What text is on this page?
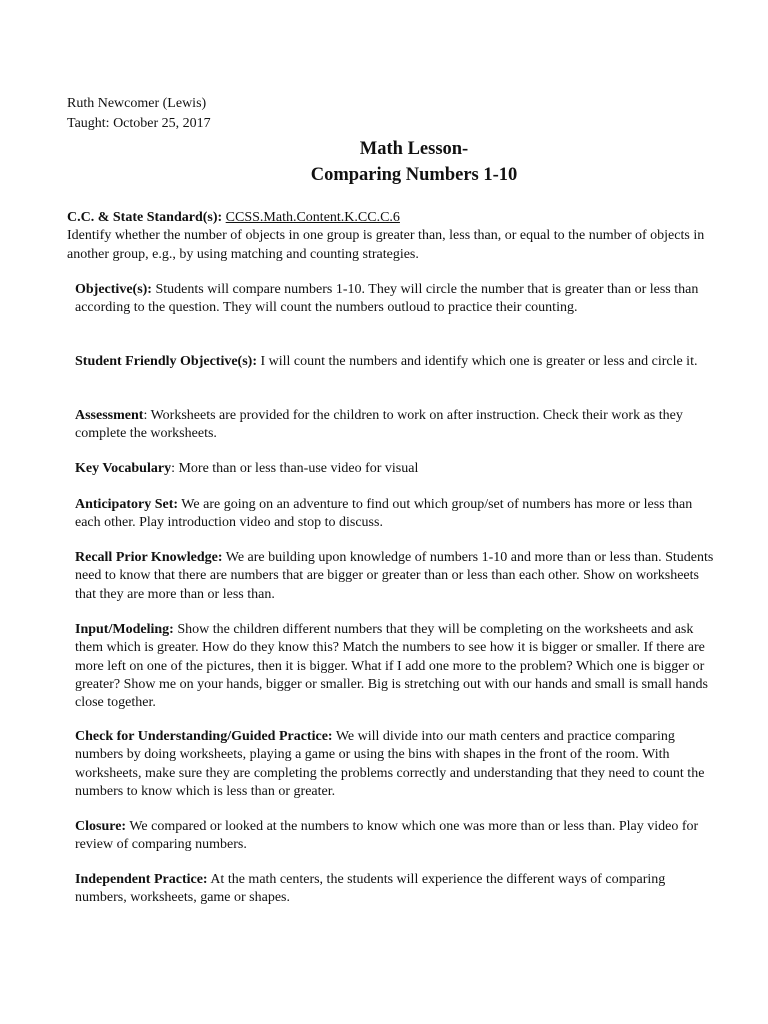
Ruth Newcomer (Lewis)
Taught: October 25, 2017
Math Lesson-
Comparing Numbers 1-10
C.C. & State Standard(s): CCSS.Math.Content.K.CC.C.6
Identify whether the number of objects in one group is greater than, less than, or equal to the number of objects in another group, e.g., by using matching and counting strategies.
Objective(s): Students will compare numbers 1-10. They will circle the number that is greater than or less than according to the question. They will count the numbers outloud to practice their counting.
Student Friendly Objective(s): I will count the numbers and identify which one is greater or less and circle it.
Assessment: Worksheets are provided for the children to work on after instruction. Check their work as they complete the worksheets.
Key Vocabulary: More than or less than-use video for visual
Anticipatory Set: We are going on an adventure to find out which group/set of numbers has more or less than each other. Play introduction video and stop to discuss.
Recall Prior Knowledge: We are building upon knowledge of numbers 1-10 and more than or less than. Students need to know that there are numbers that are bigger or greater than or less than each other. Show on worksheets that they are more than or less than.
Input/Modeling: Show the children different numbers that they will be completing on the worksheets and ask them which is greater. How do they know this? Match the numbers to see how it is bigger or smaller. If there are more left on one of the pictures, then it is bigger. What if I add one more to the problem? Which one is bigger or greater? Show me on your hands, bigger or smaller. Big is stretching out with our hands and small is small hands close together.
Check for Understanding/Guided Practice: We will divide into our math centers and practice comparing numbers by doing worksheets, playing a game or using the bins with shapes in the front of the room. With worksheets, make sure they are completing the problems correctly and understanding that they need to count the numbers to know which is less than or greater.
Closure: We compared or looked at the numbers to know which one was more than or less than. Play video for review of comparing numbers.
Independent Practice: At the math centers, the students will experience the different ways of comparing numbers, worksheets, game or shapes.
